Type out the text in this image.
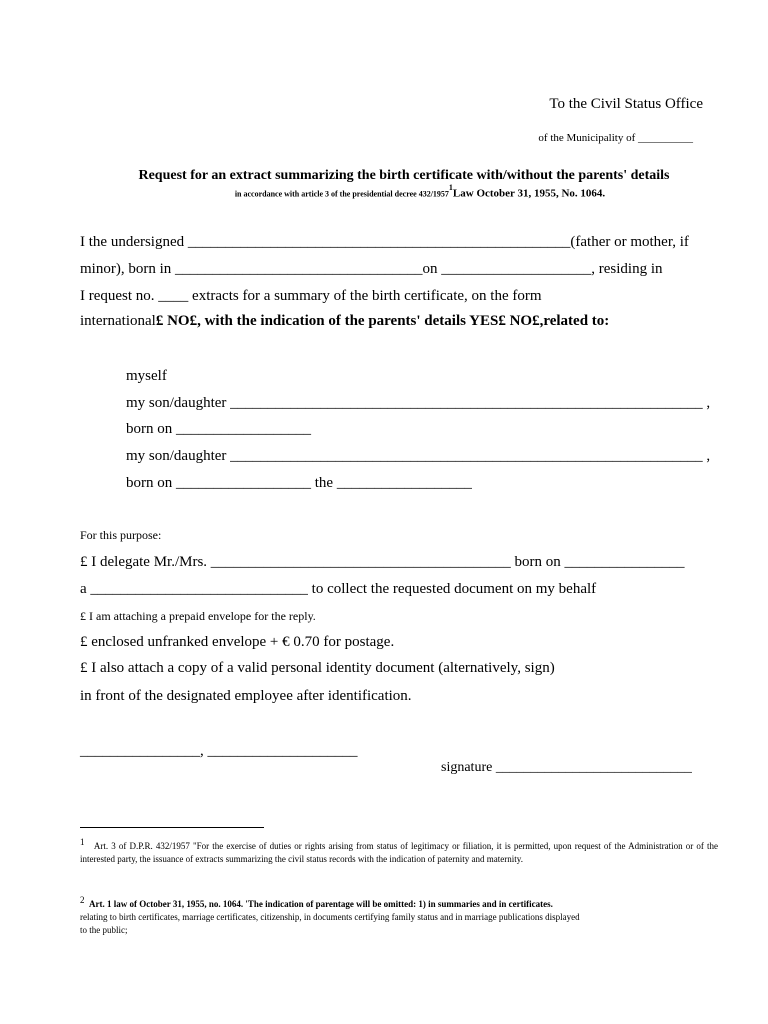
To the Civil Status Office
of the Municipality of __________
Request for an extract summarizing the birth certificate with/without the parents' details
in accordance with article 3 of the presidential decree 432/1957$^1$Law October 31, 1955, No. 1064.
I the undersigned ___________________________________________________(father or mother, if
minor), born in _________________________________on ____________________, residing in
I request no. ____ extracts for a summary of the birth certificate, on the form
international£ NO£, with the indication of the parents' details YES£ NO£,related to:
myself
my son/daughter _______________________________________________________________ ,
born on __________________
my son/daughter _______________________________________________________________ ,
born on __________________ the __________________
For this purpose:
£ I delegate Mr./Mrs. ________________________________________ born on ________________
a _____________________________ to collect the requested document on my behalf
£ I am attaching a prepaid envelope for the reply.
£ enclosed unfranked envelope + € 0.70 for postage.
£ I also attach a copy of a valid personal identity document (alternatively, sign)
in front of the designated employee after identification.
________________, ____________________
signature ____________________________
$^1$ Art. 3 of D.P.R. 432/1957 "For the exercise of duties or rights arising from status of legitimacy or filiation, it is permitted, upon request of the Administration or of the interested party, the issuance of extracts summarizing the civil status records with the indication of paternity and maternity.
$^2$ Art. 1 law of October 31, 1955, no. 1064. 'The indication of parentage will be omitted: 1) in summaries and in certificates.
relating to birth certificates, marriage certificates, citizenship, in documents certifying family status and in marriage publications displayed
to the public;
